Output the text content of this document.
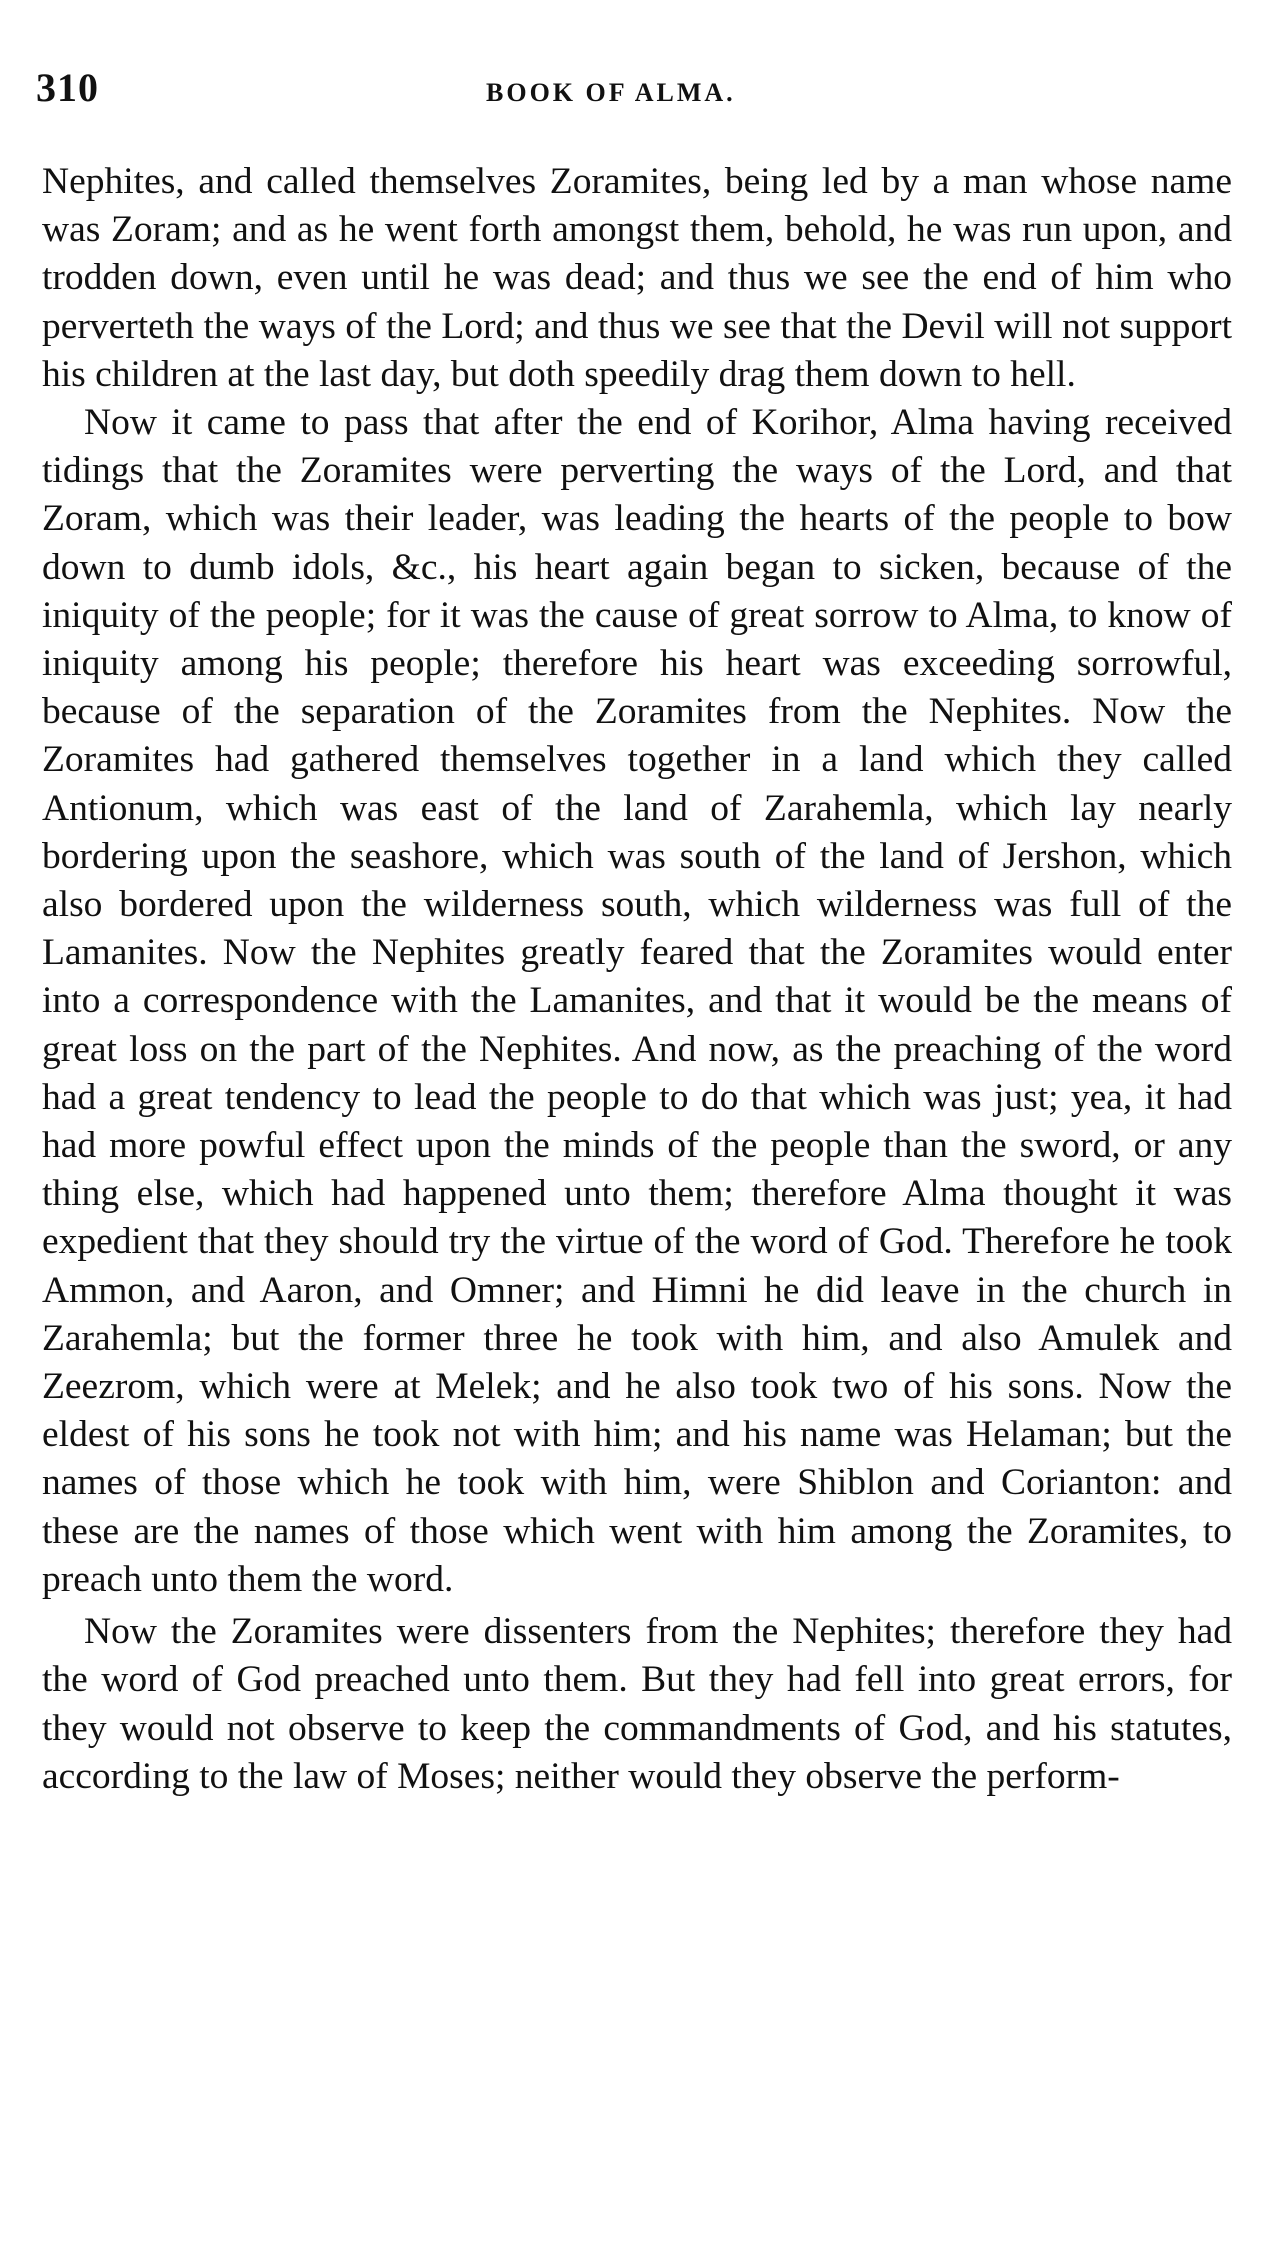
310	BOOK OF ALMA.

Nephites, and called themselves Zoramites, being led by a man whose name was Zoram; and as he went forth amongst them, behold, he was run upon, and trodden down, even until he was dead; and thus we see the end of him who perverteth the ways of the Lord; and thus we see that the Devil will not support his children at the last day, but doth speedily drag them down to hell.

Now it came to pass that after the end of Korihor, Alma having received tidings that the Zoramites were perverting the ways of the Lord, and that Zoram, which was their leader, was leading the hearts of the people to bow down to dumb idols, &c., his heart again began to sicken, because of the iniquity of the people; for it was the cause of great sorrow to Alma, to know of iniquity among his people; therefore his heart was exceeding sorrowful, because of the separation of the Zoramites from the Nephites. Now the Zoramites had gathered themselves together in a land which they called Antionum, which was east of the land of Zarahemla, which lay nearly bordering upon the seashore, which was south of the land of Jershon, which also bordered upon the wilderness south, which wilderness was full of the Lamanites. Now the Nephites greatly feared that the Zoramites would enter into a correspondence with the Lamanites, and that it would be the means of great loss on the part of the Nephites. And now, as the preaching of the word had a great tendency to lead the people to do that which was just; yea, it had had more powful effect upon the minds of the people than the sword, or any thing else, which had happened unto them; therefore Alma thought it was expedient that they should try the virtue of the word of God. Therefore he took Ammon, and Aaron, and Omner; and Himni he did leave in the church in Zarahemla; but the former three he took with him, and also Amulek and Zeezrom, which were at Melek; and he also took two of his sons. Now the eldest of his sons he took not with him; and his name was Helaman; but the names of those which he took with him, were Shiblon and Corianton: and these are the names of those which went with him among the Zoramites, to preach unto them the word.

Now the Zoramites were dissenters from the Nephites; therefore they had the word of God preached unto them. But they had fell into great errors, for they would not observe to keep the commandments of God, and his statutes, according to the law of Moses; neither would they observe the perform-
